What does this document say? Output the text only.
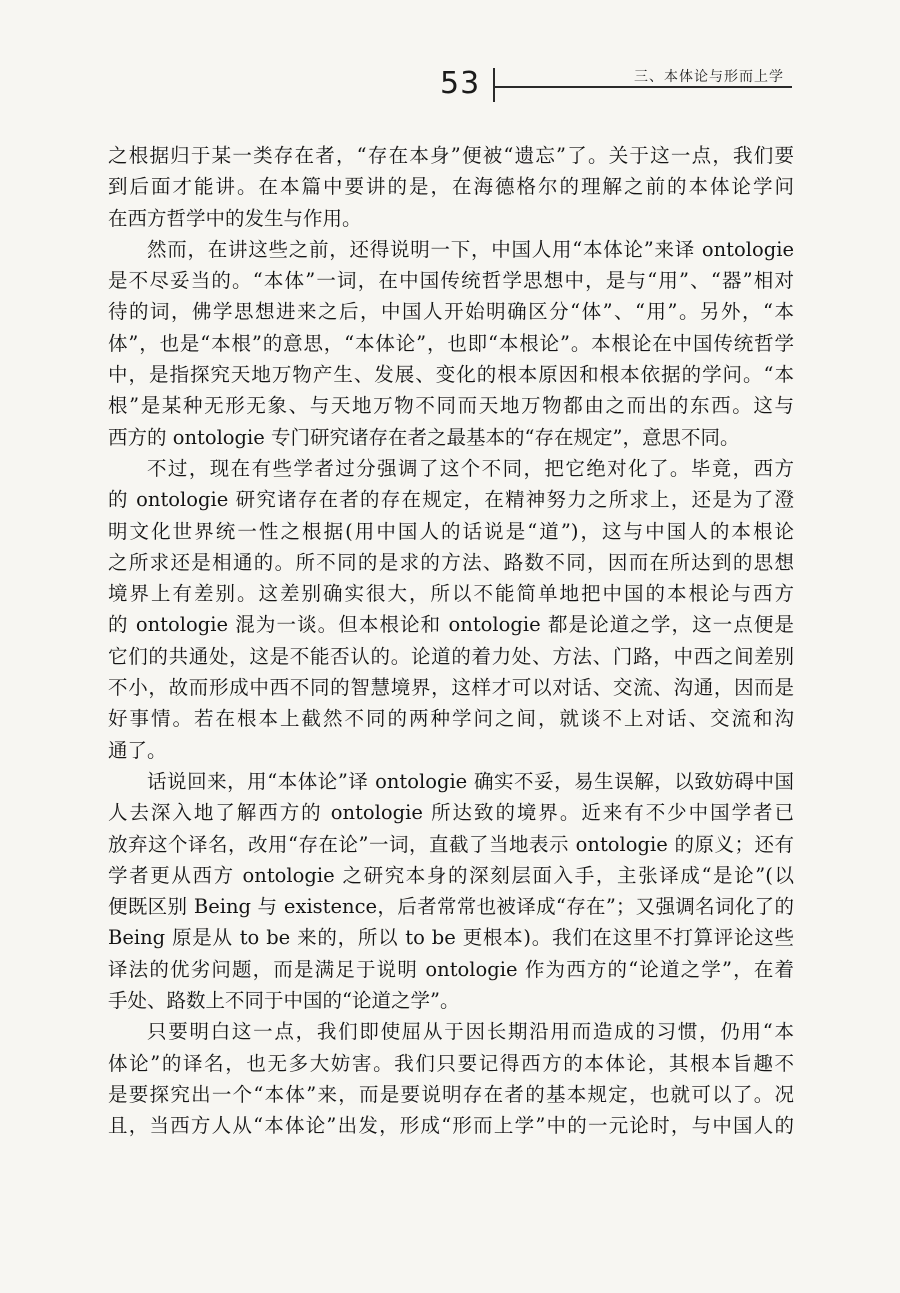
53	三、本体论与形而上学
之根据归于某一类存在者，“存在本身”便被“遗忘”了。关于这一点，我们要
到后面才能讲。在本篇中要讲的是，在海德格尔的理解之前的本体论学问
在西方哲学中的发生与作用。
然而，在讲这些之前，还得说明一下，中国人用“本体论”来译 ontologie
是不尽妥当的。“本体”一词，在中国传统哲学思想中，是与“用”、“器”相对
待的词，佛学思想进来之后，中国人开始明确区分“体”、“用”。另外，“本
体”，也是“本根”的意思，“本体论”，也即“本根论”。本根论在中国传统哲学
中，是指探究天地万物产生、发展、变化的根本原因和根本依据的学问。“本
根”是某种无形无象、与天地万物不同而天地万物都由之而出的东西。这与
西方的 ontologie 专门研究诸存在者之最基本的“存在规定”，意思不同。
不过，现在有些学者过分强调了这个不同，把它绝对化了。毕竟，西方
的 ontologie 研究诸存在者的存在规定，在精神努力之所求上，还是为了澄
明文化世界统一性之根据(用中国人的话说是“道”)，这与中国人的本根论
之所求还是相通的。所不同的是求的方法、路数不同，因而在所达到的思想
境界上有差别。这差别确实很大，所以不能简单地把中国的本根论与西方
的 ontologie 混为一谈。但本根论和 ontologie 都是论道之学，这一点便是
它们的共通处，这是不能否认的。论道的着力处、方法、门路，中西之间差别
不小，故而形成中西不同的智慧境界，这样才可以对话、交流、沟通，因而是
好事情。若在根本上截然不同的两种学问之间，就谈不上对话、交流和沟
通了。
话说回来，用“本体论”译 ontologie 确实不妥，易生误解，以致妨碍中国
人去深入地了解西方的 ontologie 所达致的境界。近来有不少中国学者已
放弃这个译名，改用“存在论”一词，直截了当地表示 ontologie 的原义；还有
学者更从西方 ontologie 之研究本身的深刻层面入手，主张译成“是论”(以
便既区别 Being 与 existence，后者常常也被译成“存在”；又强调名词化了的
Being 原是从 to be 来的，所以 to be 更根本)。我们在这里不打算评论这些
译法的优劣问题，而是满足于说明 ontologie 作为西方的“论道之学”，在着
手处、路数上不同于中国的“论道之学”。
只要明白这一点，我们即使屈从于因长期沿用而造成的习惯，仍用“本
体论”的译名，也无多大妨害。我们只要记得西方的本体论，其根本旨趣不
是要探究出一个“本体”来，而是要说明存在者的基本规定，也就可以了。况
且，当西方人从“本体论”出发，形成“形而上学”中的一元论时，与中国人的
